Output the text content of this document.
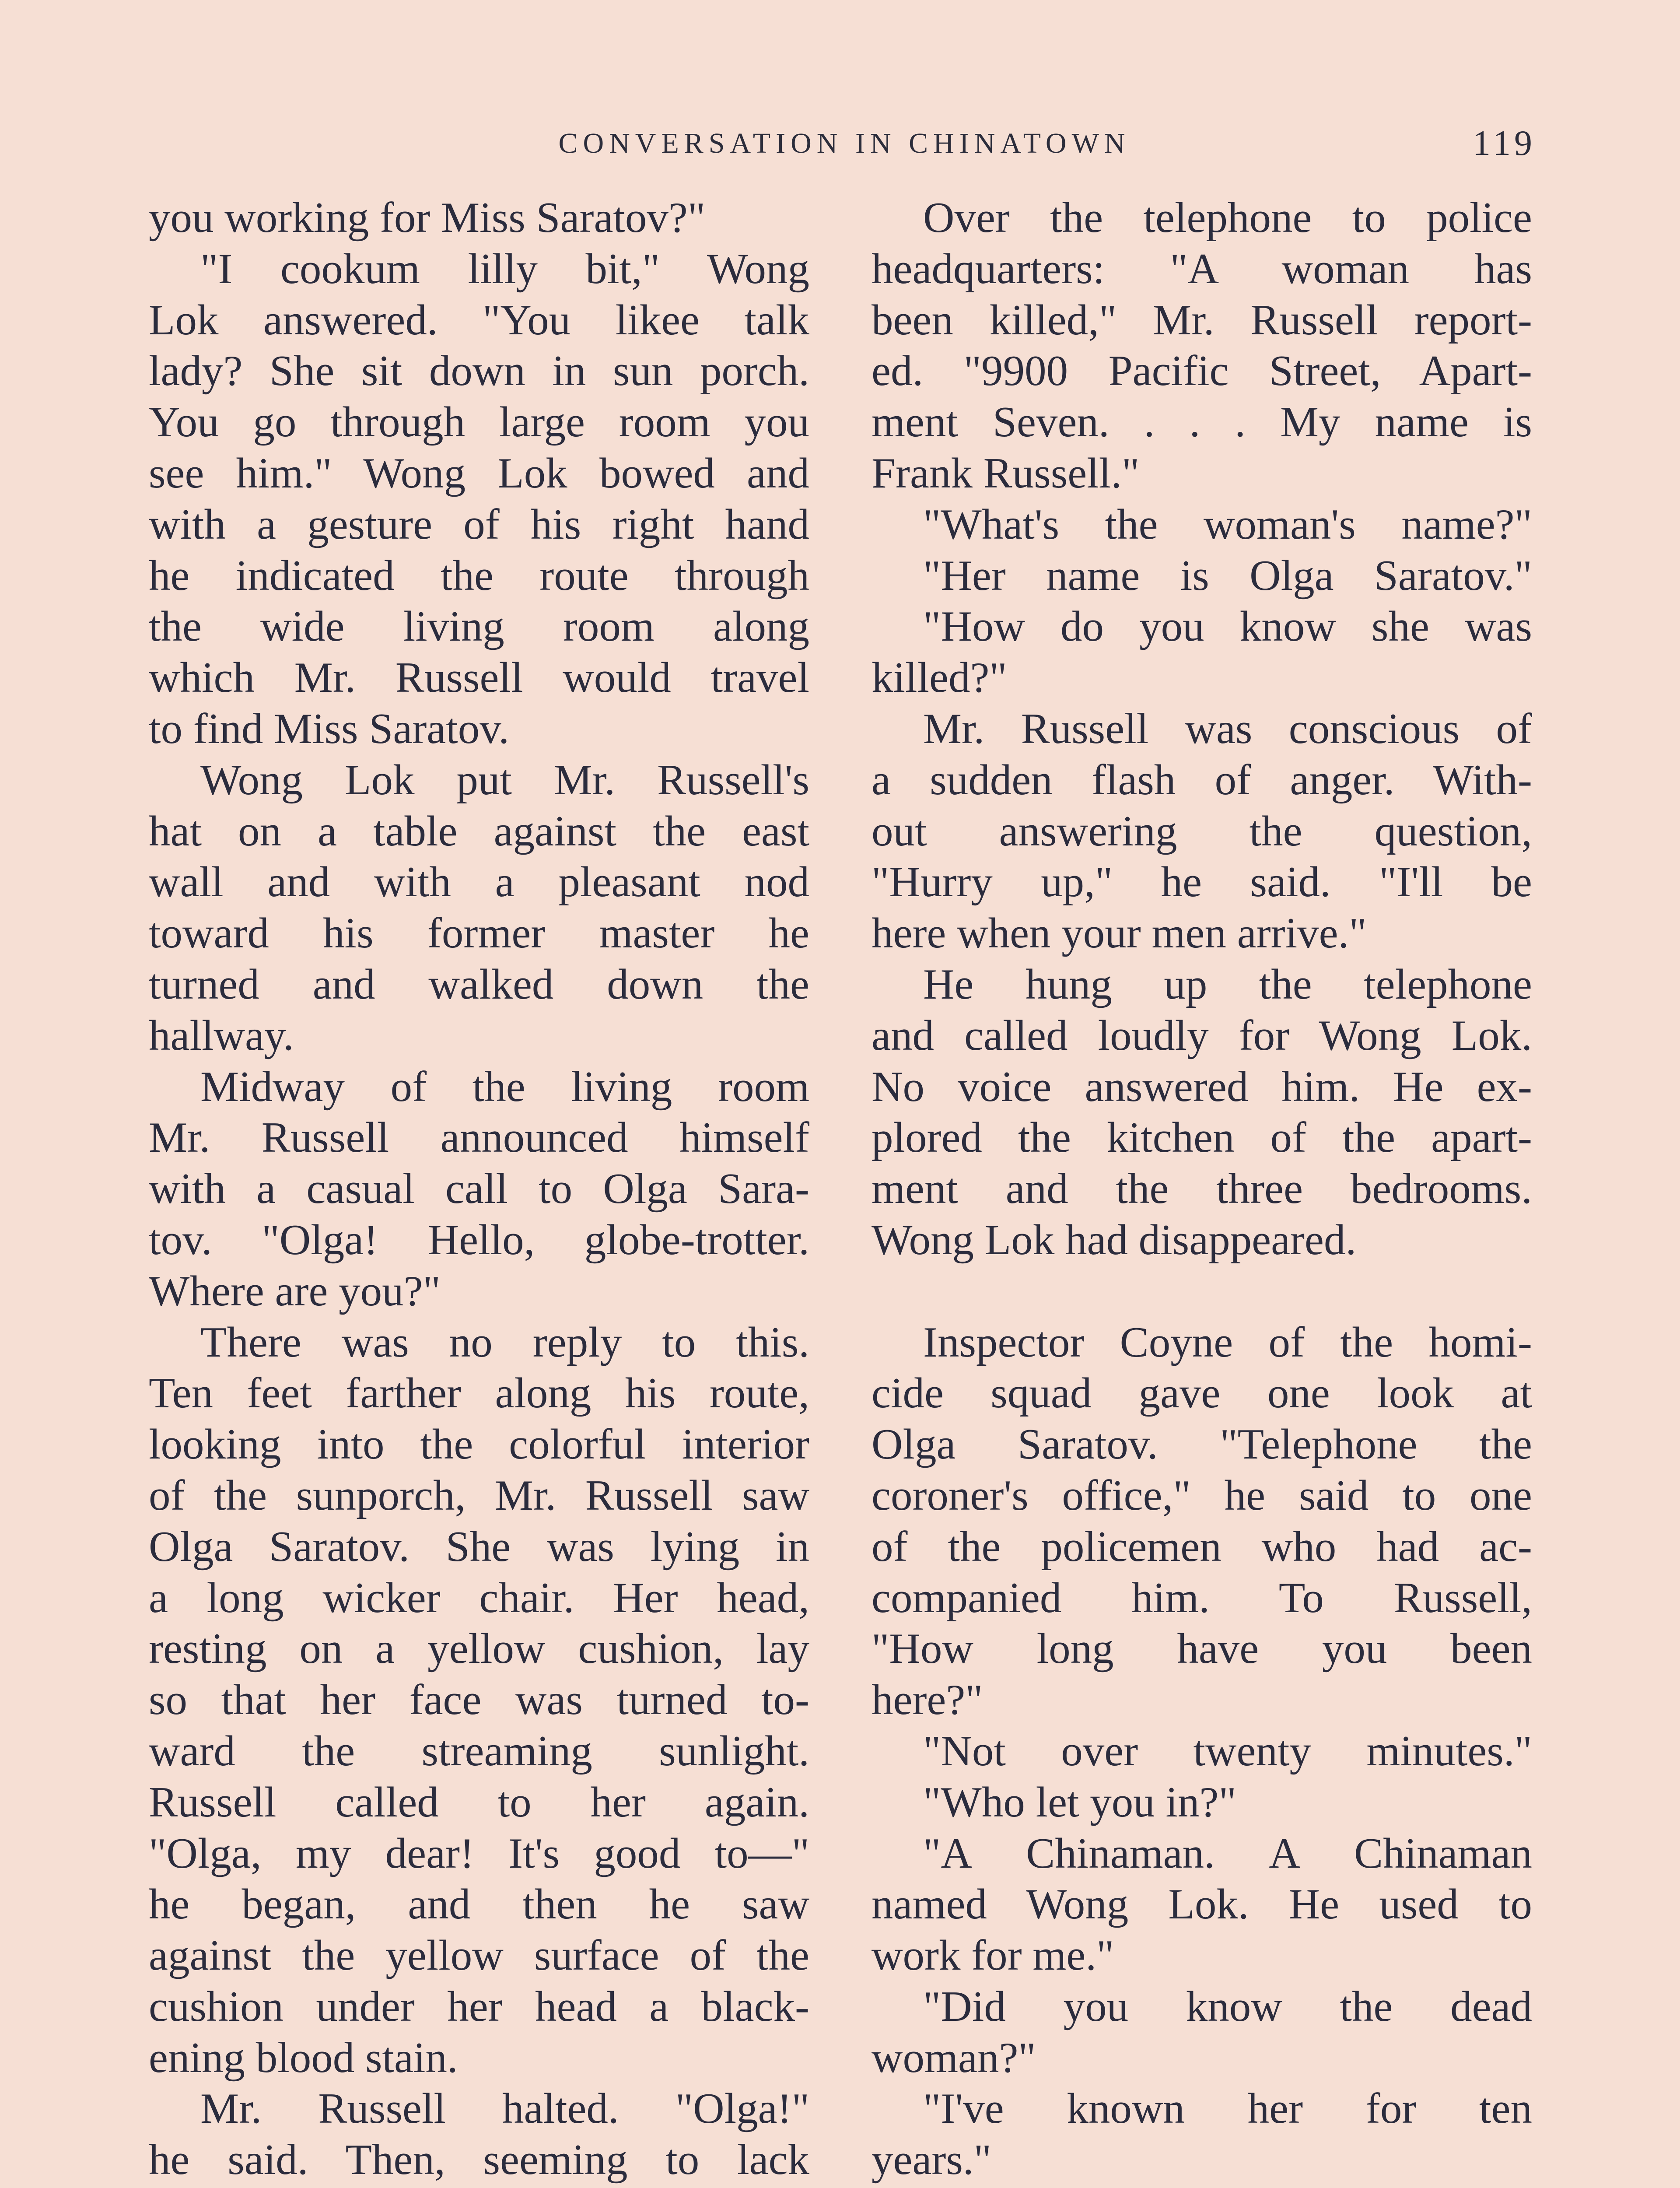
CONVERSATION IN CHINATOWN	119
you working for Miss Saratov?"
"I cookum lilly bit," Wong
Lok answered. "You likee talk
lady? She sit down in sun porch.
You go through large room you
see him." Wong Lok bowed and
with a gesture of his right hand
he indicated the route through
the wide living room along
which Mr. Russell would travel
to find Miss Saratov.
Wong Lok put Mr. Russell's
hat on a table against the east
wall and with a pleasant nod
toward his former master he
turned and walked down the
hallway.
Midway of the living room
Mr. Russell announced himself
with a casual call to Olga Sara-
tov. "Olga! Hello, globe-trotter.
Where are you?"
There was no reply to this.
Ten feet farther along his route,
looking into the colorful interior
of the sunporch, Mr. Russell saw
Olga Saratov. She was lying in
a long wicker chair. Her head,
resting on a yellow cushion, lay
so that her face was turned to-
ward the streaming sunlight.
Russell called to her again.
"Olga, my dear! It's good to—"
he began, and then he saw
against the yellow surface of the
cushion under her head a black-
ening blood stain.
Mr. Russell halted. "Olga!"
he said. Then, seeming to lack
Over the telephone to police
headquarters: "A woman has
been killed," Mr. Russell report-
ed. "9900 Pacific Street, Apart-
ment Seven. . . . My name is
Frank Russell."
"What's the woman's name?"
"Her name is Olga Saratov."
"How do you know she was
killed?"
Mr. Russell was conscious of
a sudden flash of anger. With-
out answering the question,
"Hurry up," he said. "I'll be
here when your men arrive."
He hung up the telephone
and called loudly for Wong Lok.
No voice answered him. He ex-
plored the kitchen of the apart-
ment and the three bedrooms.
Wong Lok had disappeared.
Inspector Coyne of the homi-
cide squad gave one look at
Olga Saratov. "Telephone the
coroner's office," he said to one
of the policemen who had ac-
companied him. To Russell,
"How long have you been
here?"
"Not over twenty minutes."
"Who let you in?"
"A Chinaman. A Chinaman
named Wong Lok. He used to
work for me."
"Did you know the dead
woman?"
"I've known her for ten
years."
